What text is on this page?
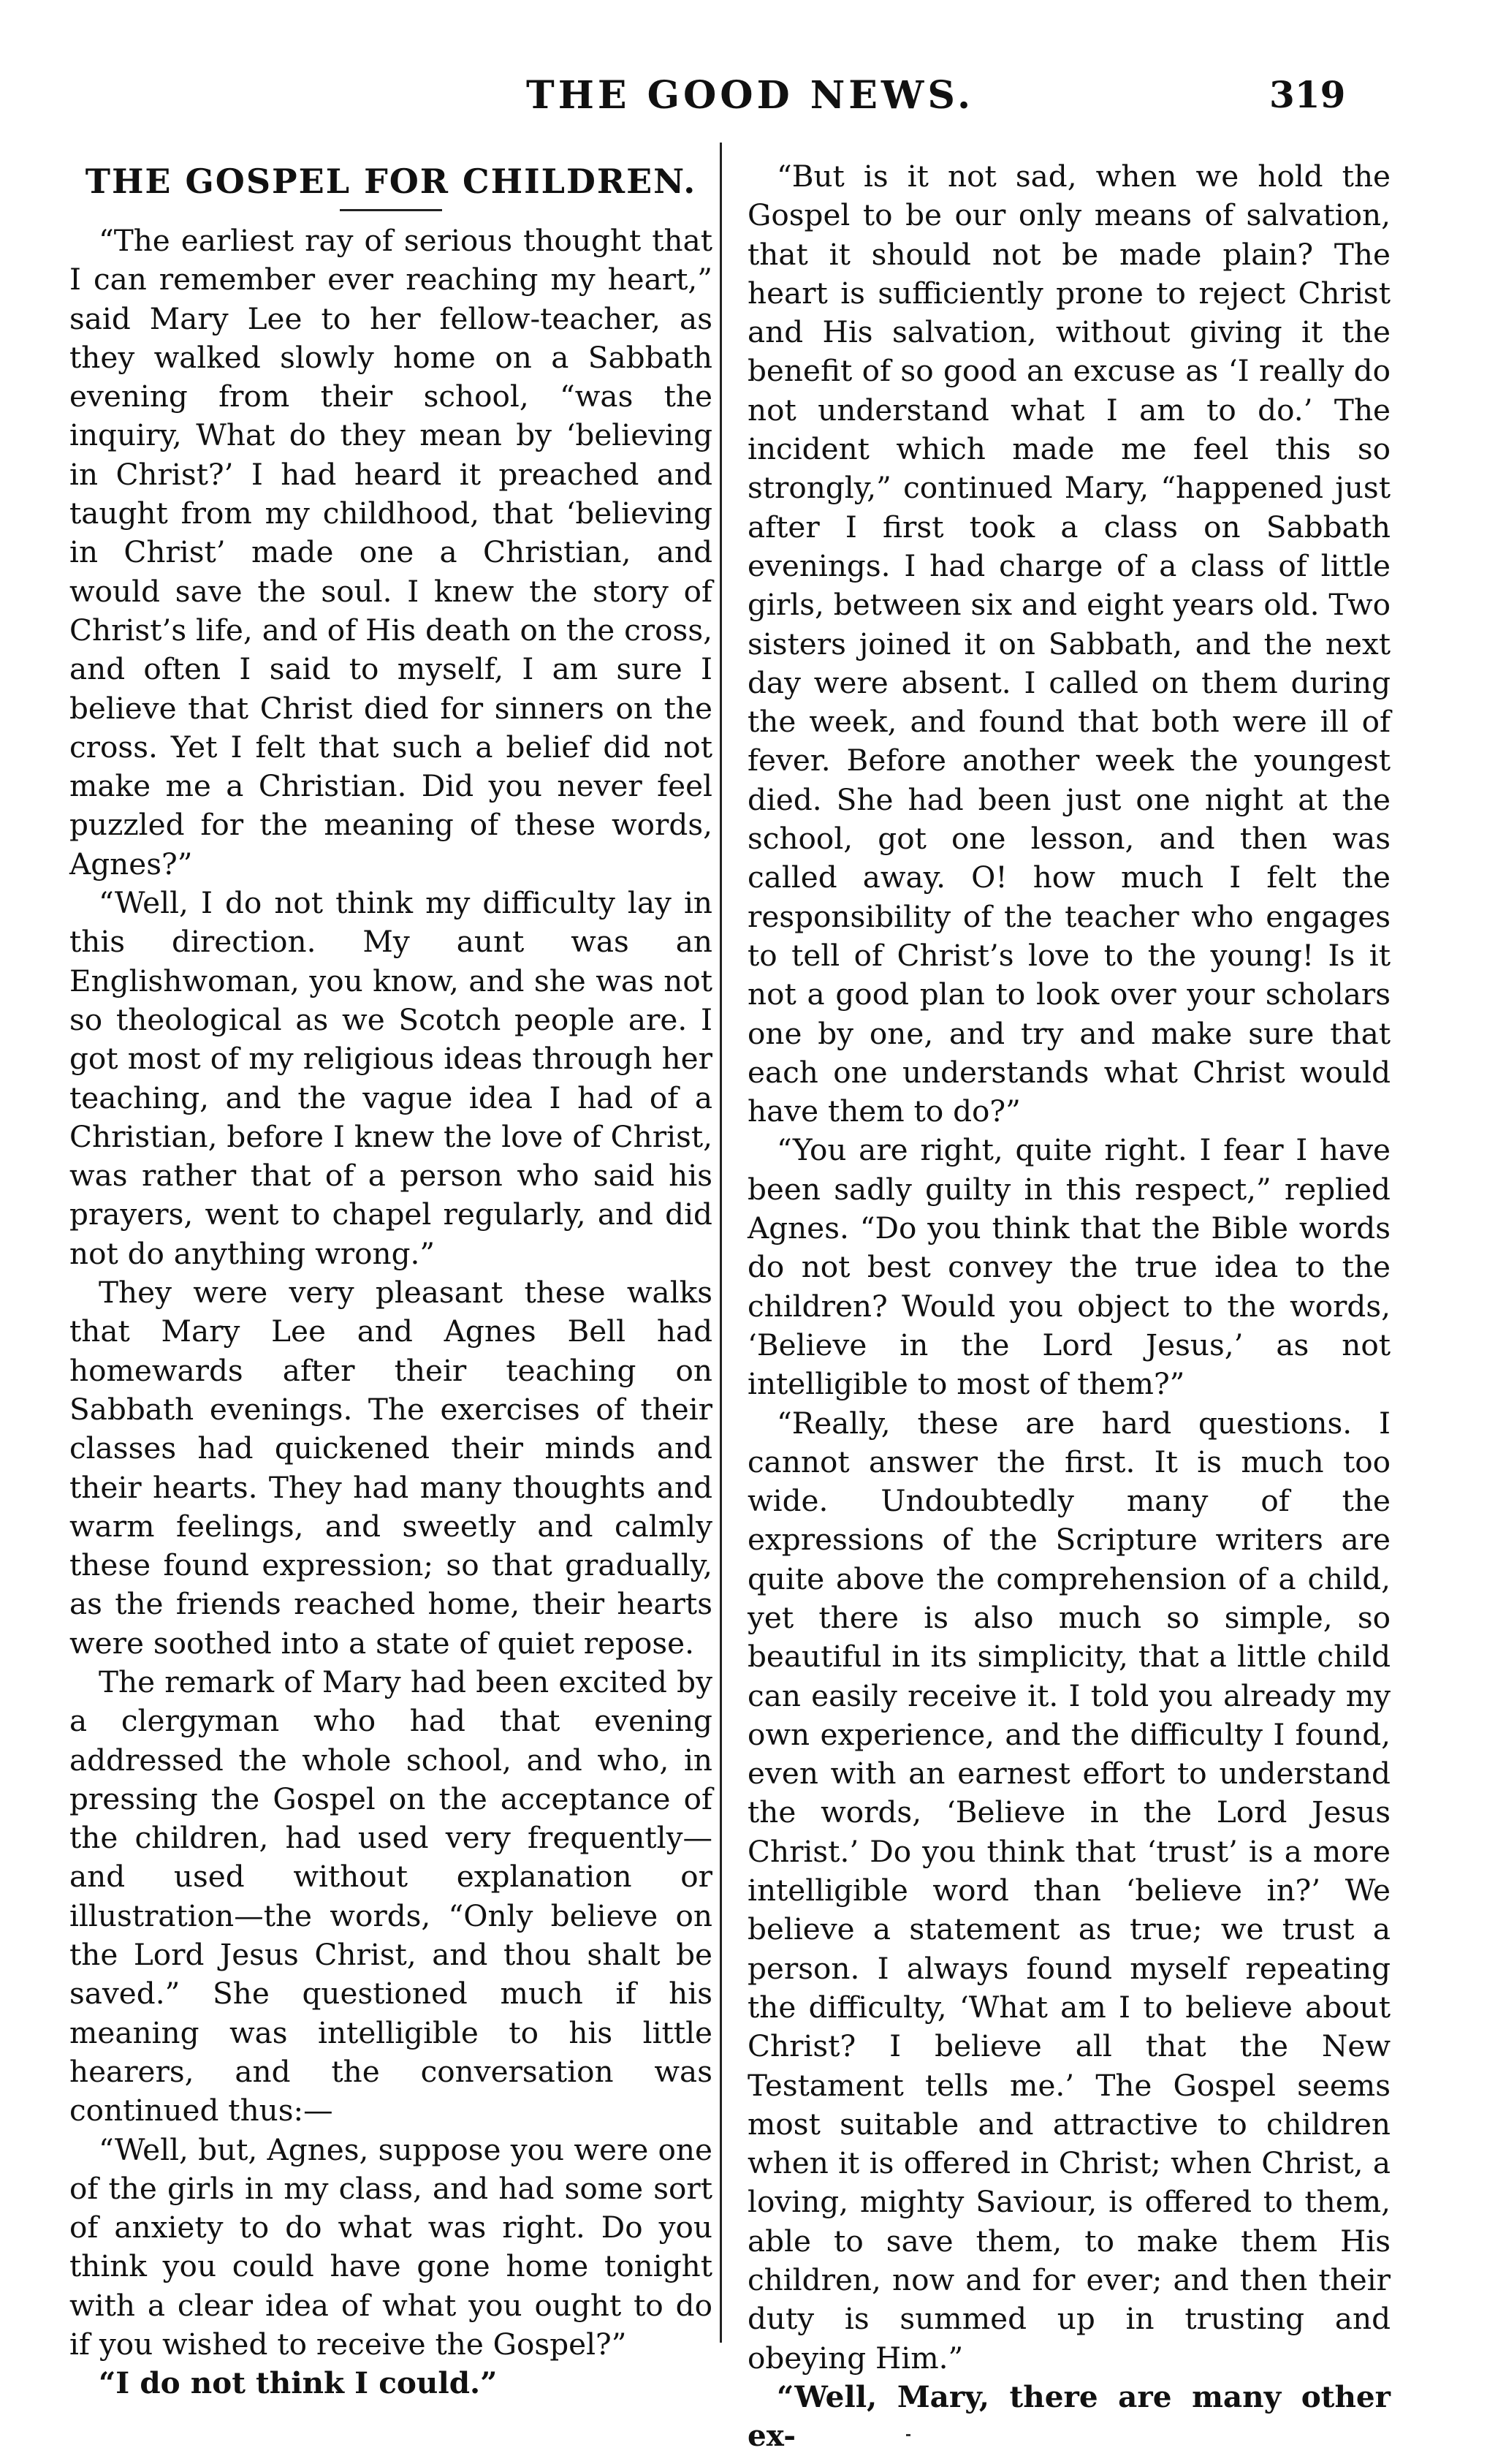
THE GOOD NEWS.	319
THE GOSPEL FOR CHILDREN.

“The earliest ray of serious thought that I can remember ever reaching my heart,” said Mary Lee to her fellow-teacher, as they walked slowly home on a Sabbath evening from their school, “was the inquiry, What do they mean by ‘believing in Christ?’ I had heard it preached and taught from my childhood, that ‘believing in Christ’ made one a Christian, and would save the soul. I knew the story of Christ’s life, and of His death on the cross, and often I said to myself, I am sure I believe that Christ died for sinners on the cross. Yet I felt that such a belief did not make me a Christian. Did you never feel puzzled for the meaning of these words, Agnes?”

“Well, I do not think my difficulty lay in this direction. My aunt was an Englishwoman, you know, and she was not so theological as we Scotch people are. I got most of my religious ideas through her teaching, and the vague idea I had of a Christian, before I knew the love of Christ, was rather that of a person who said his prayers, went to chapel regularly, and did not do anything wrong.”

They were very pleasant these walks that Mary Lee and Agnes Bell had homewards after their teaching on Sabbath evenings. The exercises of their classes had quickened their minds and their hearts. They had many thoughts and warm feelings, and sweetly and calmly these found expression; so that gradually, as the friends reached home, their hearts were soothed into a state of quiet repose.

The remark of Mary had been excited by a clergyman who had that evening addressed the whole school, and who, in pressing the Gospel on the acceptance of the children, had used very frequently—and used without explanation or illustration—the words, “Only believe on the Lord Jesus Christ, and thou shalt be saved.” She questioned much if his meaning was intelligible to his little hearers, and the conversation was continued thus:—

“Well, but, Agnes, suppose you were one of the girls in my class, and had some sort of anxiety to do what was right. Do you think you could have gone home tonight with a clear idea of what you ought to do if you wished to receive the Gospel?”

“I do not think I could.”

“But is it not sad, when we hold the Gospel to be our only means of salvation, that it should not be made plain? The heart is sufficiently prone to reject Christ and His salvation, without giving it the benefit of so good an excuse as ‘I really do not understand what I am to do.’ The incident which made me feel this so strongly,” continued Mary, “happened just after I first took a class on Sabbath evenings. I had charge of a class of little girls, between six and eight years old. Two sisters joined it on Sabbath, and the next day were absent. I called on them during the week, and found that both were ill of fever. Before another week the youngest died. She had been just one night at the school, got one lesson, and then was called away. O! how much I felt the responsibility of the teacher who engages to tell of Christ’s love to the young! Is it not a good plan to look over your scholars one by one, and try and make sure that each one understands what Christ would have them to do?”

“You are right, quite right. I fear I have been sadly guilty in this respect,” replied Agnes. “Do you think that the Bible words do not best convey the true idea to the children? Would you object to the words, ‘Believe in the Lord Jesus,’ as not intelligible to most of them?”

“Really, these are hard questions. I cannot answer the first. It is much too wide. Undoubtedly many of the expressions of the Scripture writers are quite above the comprehension of a child, yet there is also much so simple, so beautiful in its simplicity, that a little child can easily receive it. I told you already my own experience, and the difficulty I found, even with an earnest effort to understand the words, ‘Believe in the Lord Jesus Christ.’ Do you think that ‘trust’ is a more intelligible word than ‘believe in?’ We believe a statement as true; we trust a person. I always found myself repeating the difficulty, ‘What am I to believe about Christ? I believe all that the New Testament tells me.’ The Gospel seems most suitable and attractive to children when it is offered in Christ; when Christ, a loving, mighty Saviour, is offered to them, able to save them, to make them His children, now and for ever; and then their duty is summed up in trusting and obeying Him.”

“Well, Mary, there are many other ex-
